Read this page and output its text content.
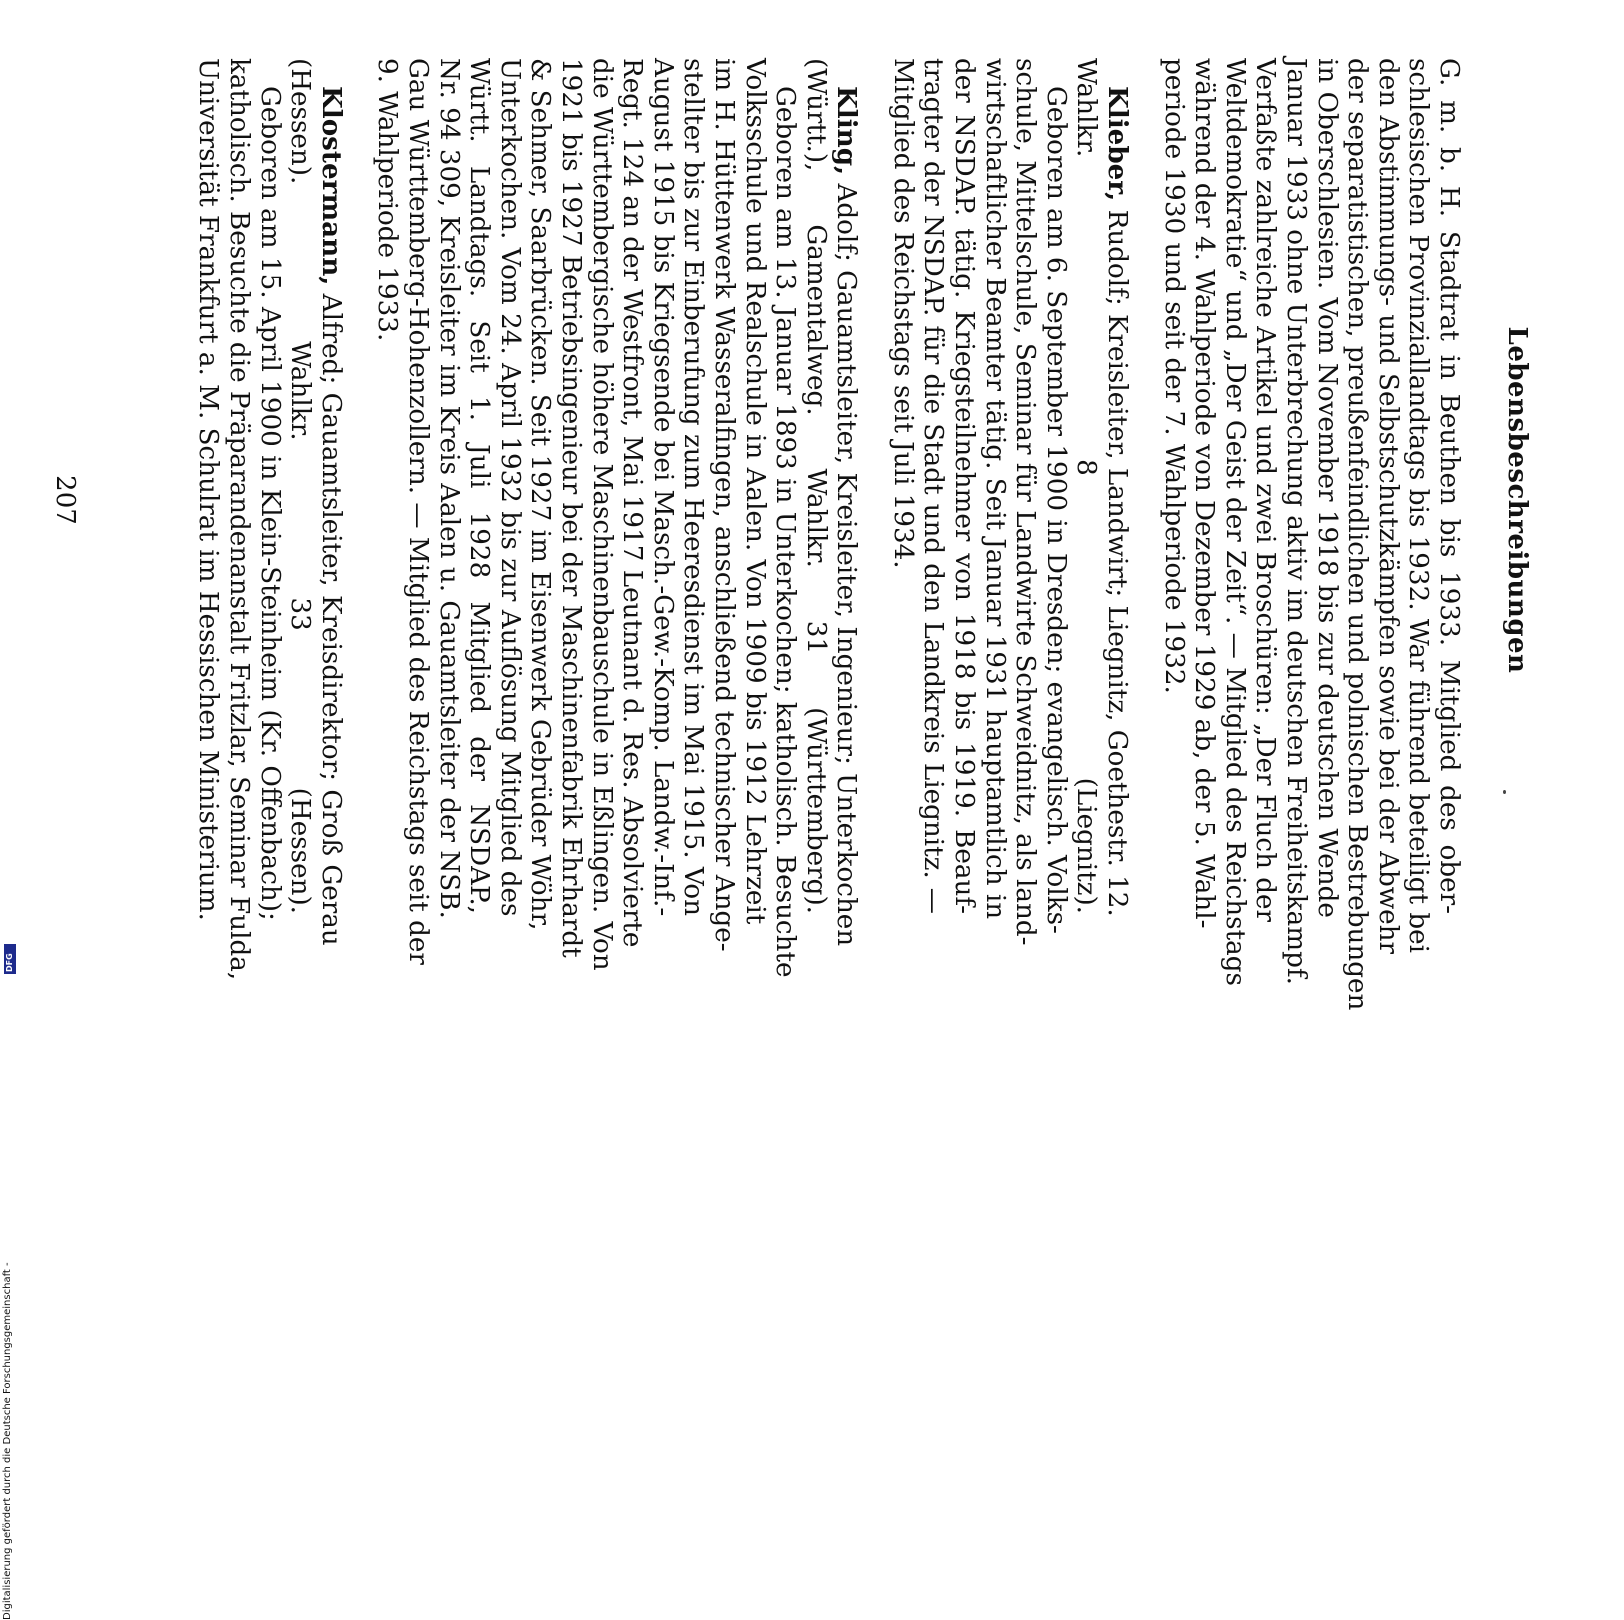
Lebensbeschreibungen
G. m. b. H. Stadtrat in Beuthen bis 1933. Mitglied des ober-
schlesischen Provinziallandtags bis 1932. War führend beteiligt bei
den Abstimmungs- und Selbstschutzkämpfen sowie bei der Abwehr
der separatistischen, preußenfeindlichen und polnischen Bestrebungen
in Oberschlesien. Vom November 1918 bis zur deutschen Wende
Januar 1933 ohne Unterbrechung aktiv im deutschen Freiheitskampf.
Verfaßte zahlreiche Artikel und zwei Broschüren: „Der Fluch der
Weltdemokratie“ und „Der Geist der Zeit“. — Mitglied des Reichstags
während der 4. Wahlperiode von Dezember 1929 ab, der 5. Wahl-
periode 1930 und seit der 7. Wahlperiode 1932.
Klieber, Rudolf; Kreisleiter, Landwirt; Liegnitz, Goethestr. 12.
Wahlkr. 8 (Liegnitz).
Geboren am 6. September 1900 in Dresden; evangelisch. Volks-
schule, Mittelschule, Seminar für Landwirte Schweidnitz, als land-
wirtschaftlicher Beamter tätig. Seit Januar 1931 hauptamtlich in
der NSDAP. tätig. Kriegsteilnehmer von 1918 bis 1919. Beauf-
tragter der NSDAP. für die Stadt und den Landkreis Liegnitz. —
Mitglied des Reichstags seit Juli 1934.
Kling, Adolf; Gauamtsleiter, Kreisleiter, Ingenieur; Unterkochen
(Württ.), Gamentalweg. Wahlkr. 31 (Württemberg).
Geboren am 13. Januar 1893 in Unterkochen; katholisch. Besuchte
Volksschule und Realschule in Aalen. Von 1909 bis 1912 Lehrzeit
im H. Hüttenwerk Wasseralfingen, anschließend technischer Ange-
stellter bis zur Einberufung zum Heeresdienst im Mai 1915. Von
August 1915 bis Kriegsende bei Masch.-Gew.-Komp. Landw.-Inf.-
Regt. 124 an der Westfront, Mai 1917 Leutnant d. Res. Absolvierte
die Württembergische höhere Maschinenbauschule in Eßlingen. Von
1921 bis 1927 Betriebsingenieur bei der Maschinenfabrik Ehrhardt
& Sehmer, Saarbrücken. Seit 1927 im Eisenwerk Gebrüder Wöhr,
Unterkochen. Vom 24. April 1932 bis zur Auflösung Mitglied des
Württ. Landtags. Seit 1. Juli 1928 Mitglied der NSDAP.,
Nr. 94 309, Kreisleiter im Kreis Aalen u. Gauamtsleiter der NSB.
Gau Württemberg-Hohenzollern. — Mitglied des Reichstags seit der
9. Wahlperiode 1933.
Klostermann, Alfred; Gauamtsleiter, Kreisdirektor; Groß Gerau
(Hessen). Wahlkr. 33 (Hessen).
Geboren am 15. April 1900 in Klein-Steinheim (Kr. Offenbach);
katholisch. Besuchte die Präparandenanstalt Fritzlar, Seminar Fulda,
Universität Frankfurt a. M. Schulrat im Hessischen Ministerium.
207
Digitalisierung gefördert durch die Deutsche Forschungsgemeinschaft -
DFG
